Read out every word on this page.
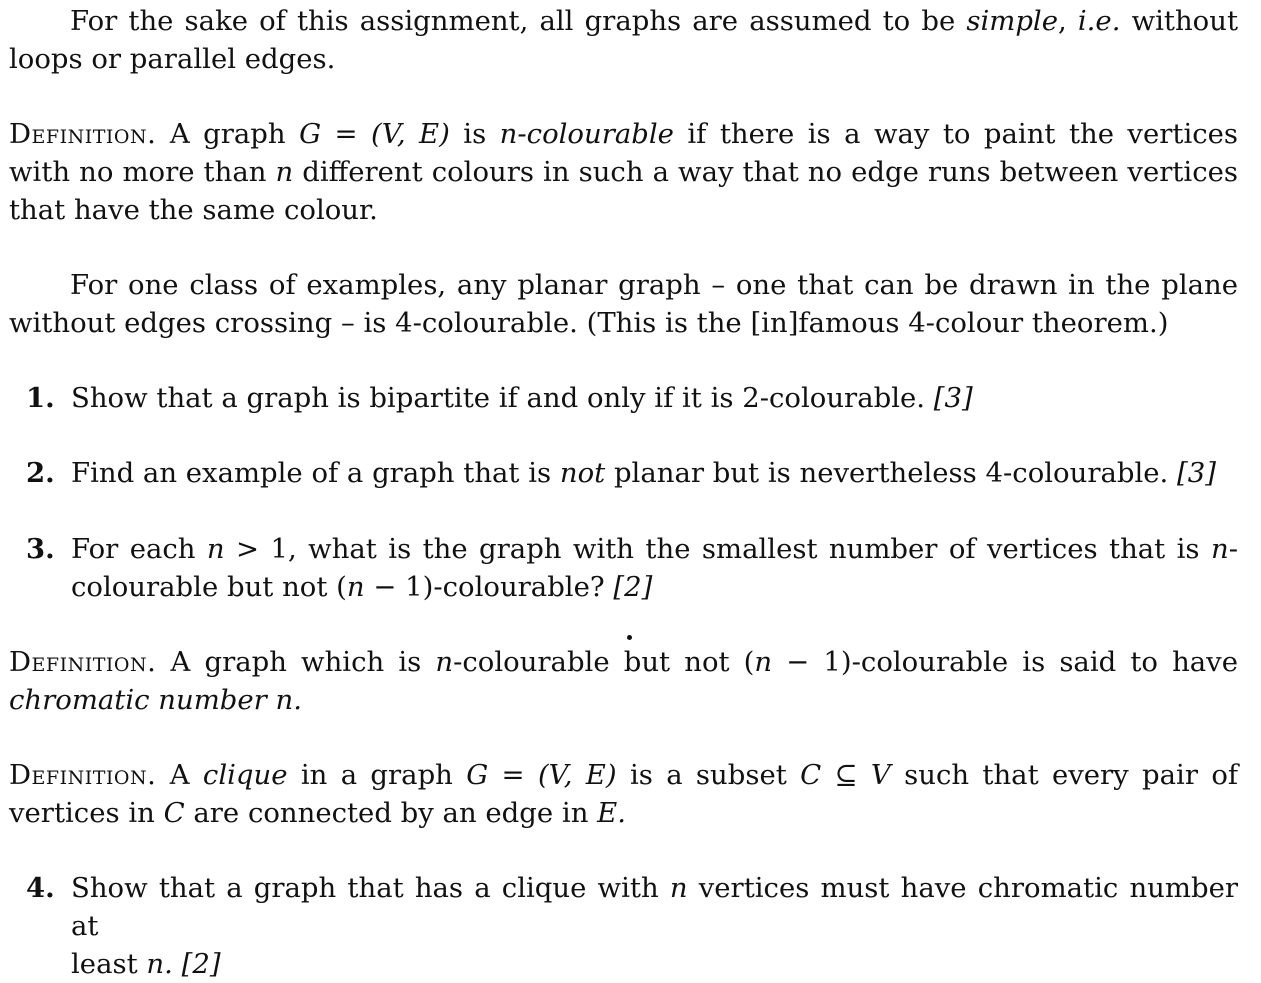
For the sake of this assignment, all graphs are assumed to be simple, i.e. without
loops or parallel edges.

Definition. A graph G = (V, E) is n-colourable if there is a way to paint the vertices
with no more than n different colours in such a way that no edge runs between vertices
that have the same colour.

For one class of examples, any planar graph – one that can be drawn in the plane
without edges crossing – is 4-colourable. (This is the [in]famous 4-colour theorem.)

1. Show that a graph is bipartite if and only if it is 2-colourable. [3]
2. Find an example of a graph that is not planar but is nevertheless 4-colourable. [3]
3. For each n > 1, what is the graph with the smallest number of vertices that is n-
colourable but not (n − 1)-colourable? [2]

Definition. A graph which is n-colourable but not (n − 1)-colourable is said to have
chromatic number n.

Definition. A clique in a graph G = (V, E) is a subset C ⊆ V such that every pair of
vertices in C are connected by an edge in E.

4. Show that a graph that has a clique with n vertices must have chromatic number at
least n. [2]
